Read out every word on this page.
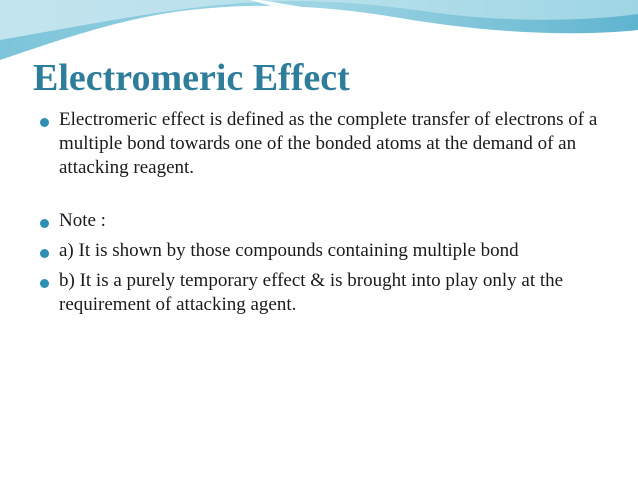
Electromeric Effect
Electromeric effect is defined as the complete transfer of electrons of a multiple bond towards one of the bonded atoms at the demand of an attacking reagent.
Note :
a) It is shown by those compounds containing multiple bond
b) It is a purely temporary effect & is brought into play only at the requirement of attacking agent.
